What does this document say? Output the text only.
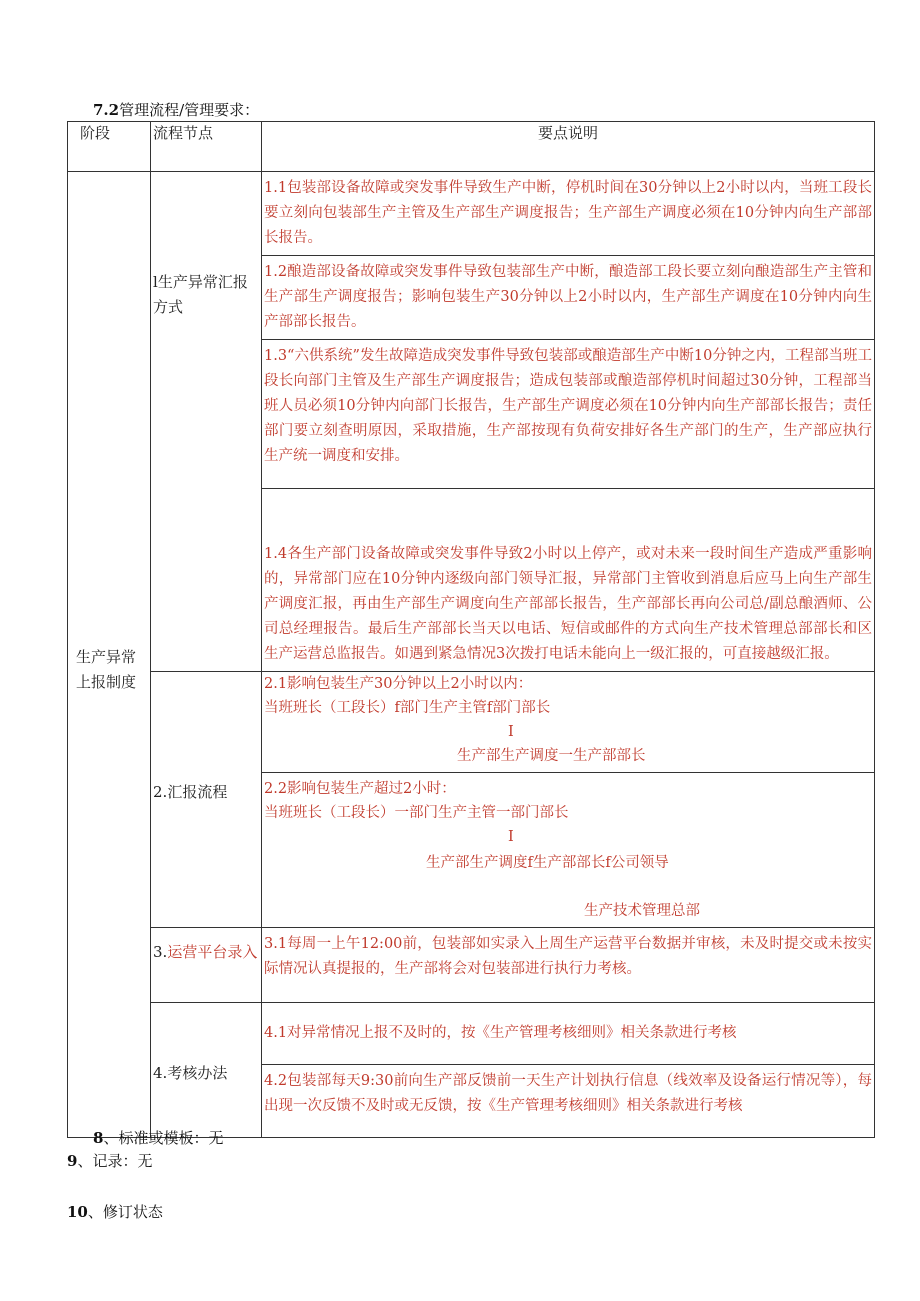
7.2管理流程/管理要求：
阶段	流程节点	要点说明

生产异常上报制度	l生产异常汇报方式	1.1包装部设备故障或突发事件导致生产中断，停机时间在30分钟以上2小时以内，当班工段长要立刻向包装部生产主管及生产部生产调度报告；生产部生产调度必须在10分钟内向生产部部长报告。

		1.2酿造部设备故障或突发事件导致包装部生产中断，酿造部工段长要立刻向酿造部生产主管和生产部生产调度报告；影响包装生产30分钟以上2小时以内，生产部生产调度在10分钟内向生产部部长报告。

		1.3“六供系统”发生故障造成突发事件导致包装部或酿造部生产中断10分钟之内，工程部当班工段长向部门主管及生产部生产调度报告；造成包装部或酿造部停机时间超过30分钟，工程部当班人员必须10分钟内向部门长报告，生产部生产调度必须在10分钟内向生产部部长报告；责任部门要立刻查明原因，采取措施，生产部按现有负荷安排好各生产部门的生产，生产部应执行生产统一调度和安排。

		1.4各生产部门设备故障或突发事件导致2小时以上停产，或对未来一段时间生产造成严重影响的，异常部门应在10分钟内逐级向部门领导汇报，异常部门主管收到消息后应马上向生产部生产调度汇报，再由生产部生产调度向生产部部长报告，生产部部长再向公司总/副总酿酒师、公司总经理报告。最后生产部部长当天以电话、短信或邮件的方式向生产技术管理总部部长和区生产运营总监报告。如遇到紧急情况3次拨打电话未能向上一级汇报的，可直接越级汇报。

	2.汇报流程	2.1影响包装生产30分钟以上2小时以内：
当班班长（工段长）f部门生产主管f部门部长
I
生产部生产调度一生产部部长

		2.2影响包装生产超过2小时：
当班班长（工段长）一部门生产主管一部门部长
I
生产部生产调度f生产部部长f公司领导
生产技术管理总部

	3.运营平台录入	3.1每周一上午12:00前，包装部如实录入上周生产运营平台数据并审核，未及时提交或未按实际情况认真提报的，生产部将会对包装部进行执行力考核。

	4.考核办法	4.1对异常情况上报不及时的，按《生产管理考核细则》相关条款进行考核

		4.2包装部每天9:30前向生产部反馈前一天生产计划执行信息（线效率及设备运行情况等），每出现一次反馈不及时或无反馈，按《生产管理考核细则》相关条款进行考核
8、标准或模板：无
9、记录：无
10、修订状态
